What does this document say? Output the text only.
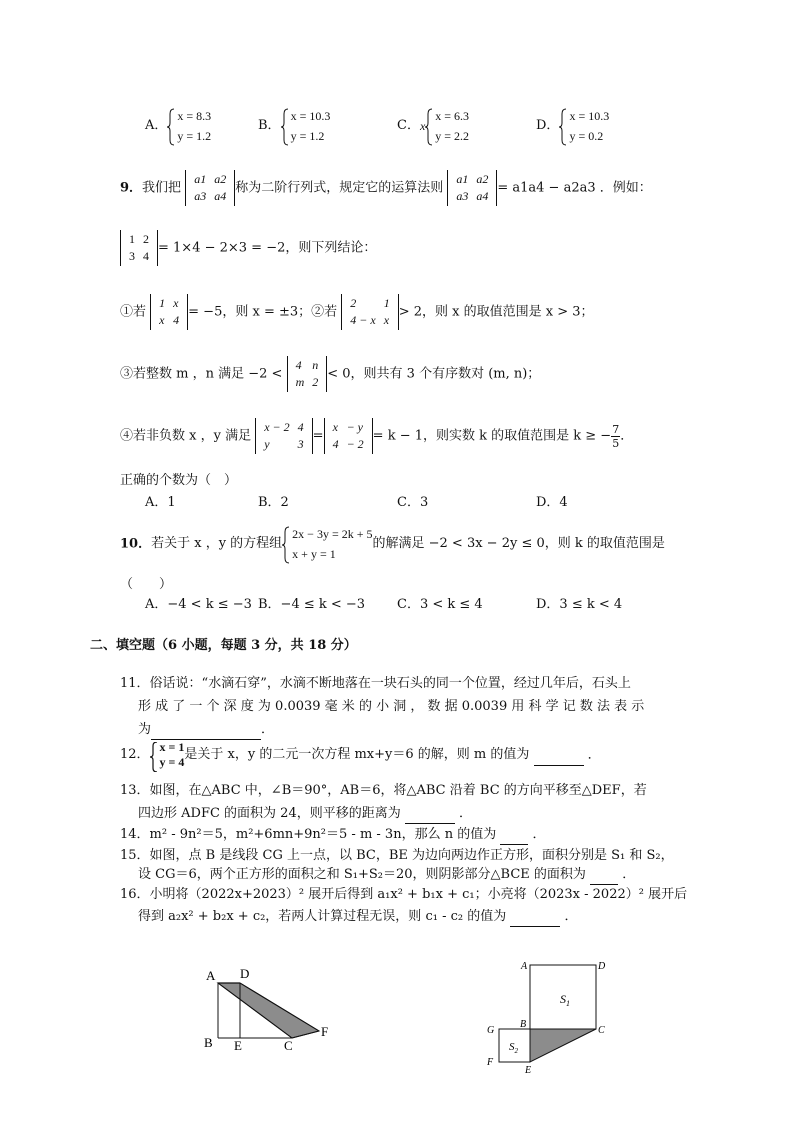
A．
x = 8.3
y = 1.2
B．
x = 10.3
y = 1.2
C．x
x = 6.3
y = 2.2
D．
x = 10.3
y = 0.2
9．我们把
a1	a2
a3	a4
称为二阶行列式，规定它的运算法则
a1	a2
a3	a4
= a1a4 − a2a3 ．例如：
1	2
3	4
= 1×4 − 2×3 = −2，则下列结论：
①若
1	x
x	4
= −5，则 x = ±3；②若
2	1
4 − x	x
> 2，则 x 的取值范围是 x > 3；
③若整数 m ，n 满足 −2 <
4	n
m	2
< 0，则共有 3 个有序数对 (m, n)；
④若非负数 x ，y 满足
x − 2	4
y	3
=
x	− y
4	− 2
= k − 1，则实数 k 的取值范围是 k ≥ − $\frac{7}{5}$ ．
正确的个数为（　）
A．1	B．2	C．3	D．4
10．若关于 x ，y 的方程组
2x − 3y = 2k + 5
x + y = 1
的解满足 −2 < 3x − 2y ≤ 0，则 k 的取值范围是
（　　）
A．−4 < k ≤ −3 B．−4 ≤ k < −3 C．3 < k ≤ 4	D．3 ≤ k < 4
二、填空题（6 小题，每题 3 分，共 18 分）
11．俗话说：“水滴石穿”，水滴不断地落在一块石头的同一个位置，经过几年后，石头上
形 成 了 一 个 深 度 为 0.0039 毫 米 的 小 洞 ， 数 据 0.0039 用 科 学 记 数 法 表 示
为	．
12． x = 1
y = 4 是关于 x，y 的二元一次方程 mx+y＝6 的解，则 m 的值为	．
13．如图，在△ABC 中，∠B＝90°，AB＝6，将△ABC 沿着 BC 的方向平移至△DEF，若
四边形 ADFC 的面积为 24，则平移的距离为	．
14．m² - 9n²＝5，m²+6mn+9n²＝5 - m - 3n，那么 n 的值为	．
15．如图，点 B 是线段 CG 上一点，以 BC，BE 为边向两边作正方形，面积分别是 S₁ 和 S₂，
设 CG＝6，两个正方形的面积之和 S₁+S₂＝20，则阴影部分△BCE 的面积为	．
16．小明将（2022x+2023）² 展开后得到 a₁x² + b₁x + c₁；小亮将（2023x - 2022）² 展开后
得到 a₂x² + b₂x + c₂，若两人计算过程无误，则 c₁ - c₂ 的值为	．
A D
B E	C
F
A	D
$S_1$
G
B
C
$S_2$
F
E
